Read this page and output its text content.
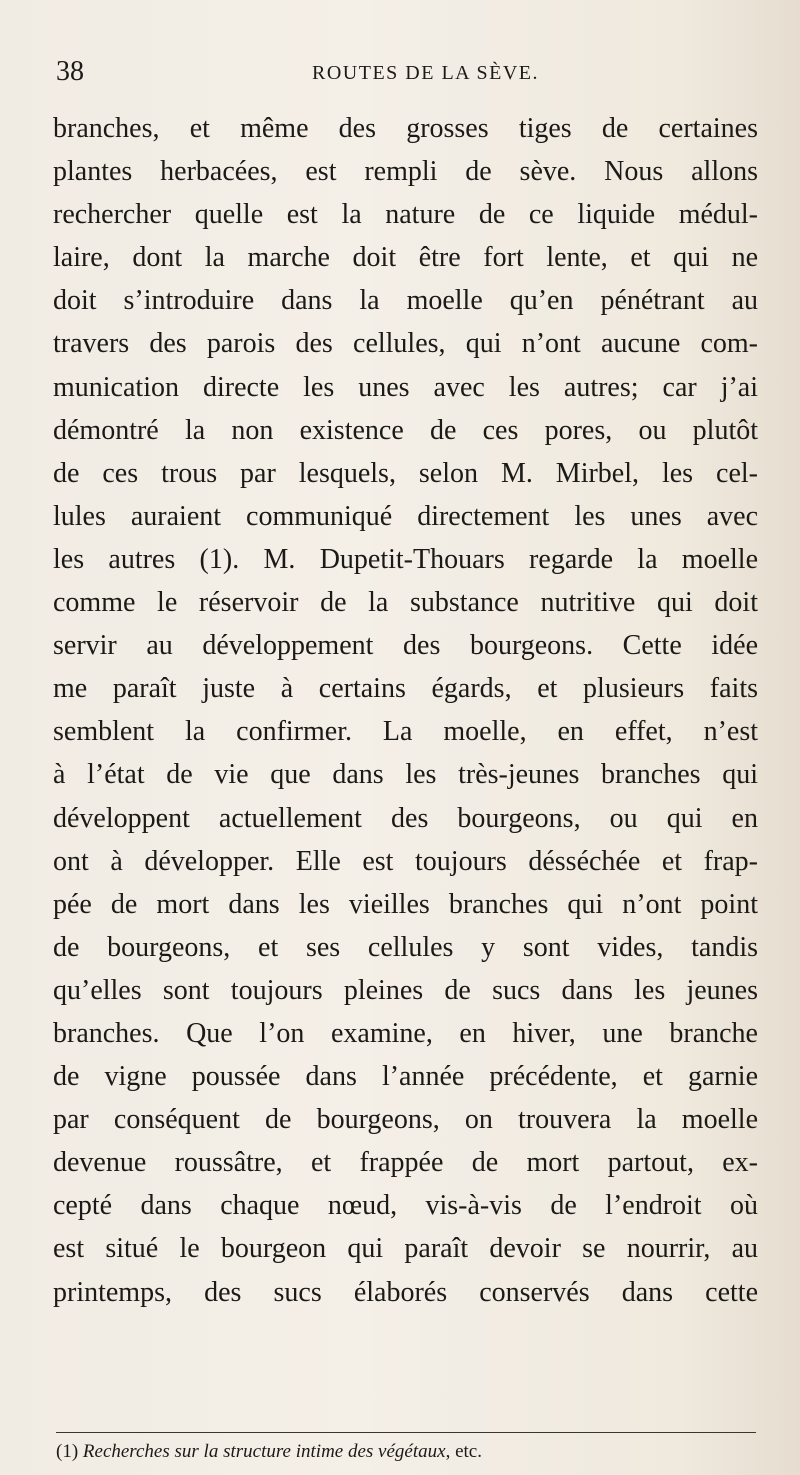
38	ROUTES DE LA SÈVE.
branches, et même des grosses tiges de certaines
plantes herbacées, est rempli de sève. Nous allons
rechercher quelle est la nature de ce liquide médul-
laire, dont la marche doit être fort lente, et qui ne
doit s’introduire dans la moelle qu’en pénétrant au
travers des parois des cellules, qui n’ont aucune com-
munication directe les unes avec les autres; car j’ai
démontré la non existence de ces pores, ou plutôt
de ces trous par lesquels, selon M. Mirbel, les cel-
lules auraient communiqué directement les unes avec
les autres (1). M. Dupetit-Thouars regarde la moelle
comme le réservoir de la substance nutritive qui doit
servir au développement des bourgeons. Cette idée
me paraît juste à certains égards, et plusieurs faits
semblent la confirmer. La moelle, en effet, n’est
à l’état de vie que dans les très-jeunes branches qui
développent actuellement des bourgeons, ou qui en
ont à développer. Elle est toujours désséchée et frap-
pée de mort dans les vieilles branches qui n’ont point
de bourgeons, et ses cellules y sont vides, tandis
qu’elles sont toujours pleines de sucs dans les jeunes
branches. Que l’on examine, en hiver, une branche
de vigne poussée dans l’année précédente, et garnie
par conséquent de bourgeons, on trouvera la moelle
devenue roussâtre, et frappée de mort partout, ex-
cepté dans chaque nœud, vis-à-vis de l’endroit où
est situé le bourgeon qui paraît devoir se nourrir, au
printemps, des sucs élaborés conservés dans cette
(1) Recherches sur la structure intime des végétaux, etc.
